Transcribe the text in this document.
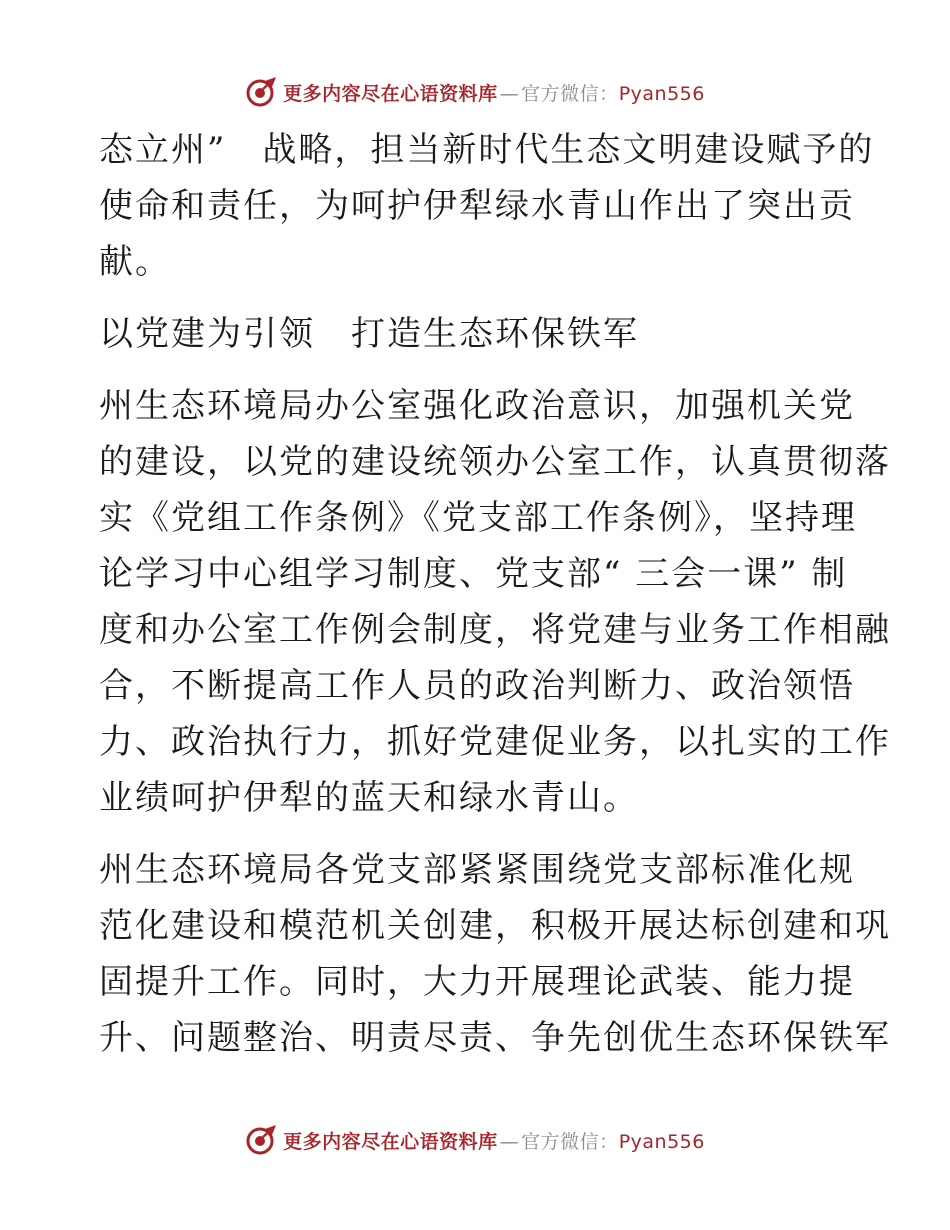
更多内容尽在心语资料库 — 官方微信：Pyan556
态立州”　战略，担当新时代生态文明建设赋予的
使命和责任，为呵护伊犁绿水青山作出了突出贡
献。
以党建为引领　打造生态环保铁军
州生态环境局办公室强化政治意识，加强机关党
的建设，以党的建设统领办公室工作，认真贯彻落
实《党组工作条例》《党支部工作条例》，坚持理
论学习中心组学习制度、党支部“ 三会一课” 制
度和办公室工作例会制度，将党建与业务工作相融
合，不断提高工作人员的政治判断力、政治领悟
力、政治执行力，抓好党建促业务，以扎实的工作
业绩呵护伊犁的蓝天和绿水青山。
州生态环境局各党支部紧紧围绕党支部标准化规
范化建设和模范机关创建，积极开展达标创建和巩
固提升工作。同时，大力开展理论武装、能力提
升、问题整治、明责尽责、争先创优生态环保铁军
更多内容尽在心语资料库 — 官方微信：Pyan556
